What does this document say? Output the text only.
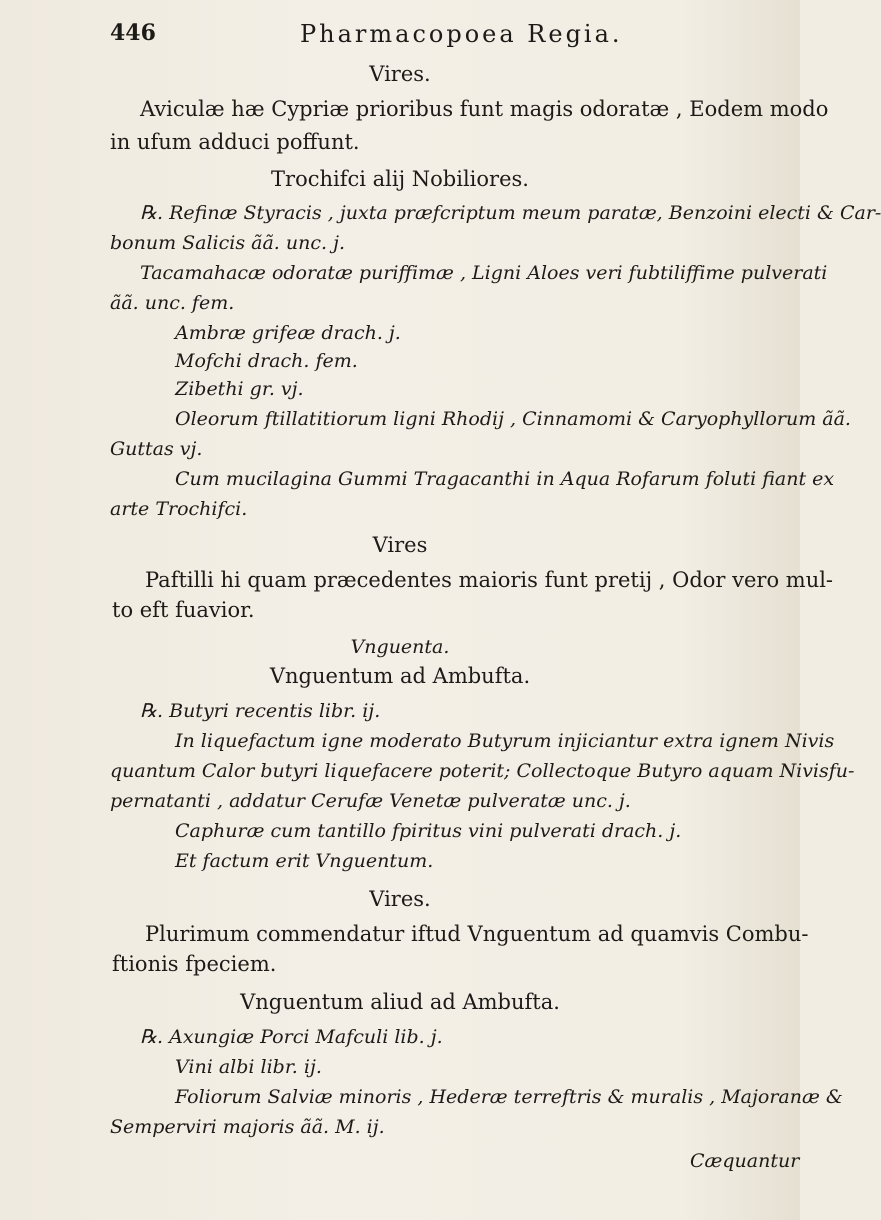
446	Pharmacopoea Regia.
Vires.
Aviculæ hæ Cypriæ prioribus funt magis odoratæ , Eodem modo
in ufum adduci poffunt.
Trochifci alij Nobiliores.
℞. Refinæ Styracis , juxta præfcriptum meum paratæ, Benzoini electi & Car-
bonum Salicis ãã. unc. j.
Tacamahacæ odoratæ puriffimæ , Ligni Aloes veri fubtiliffime pulverati
ãã. unc. fem.
Ambræ grifeæ drach. j.
Mofchi drach. fem.
Zibethi gr. vj.
Oleorum ftillatitiorum ligni Rhodij , Cinnamomi & Caryophyllorum ãã.
Guttas vj.
Cum mucilagina Gummi Tragacanthi in Aqua Rofarum foluti fiant ex
arte Trochifci.
Vires
Paftilli hi quam præcedentes maioris funt pretij , Odor vero mul-
to eft fuavior.
Vnguenta.
Vnguentum ad Ambufta.
℞. Butyri recentis libr. ij.
In liquefactum igne moderato Butyrum injiciantur extra ignem Nivis
quantum Calor butyri liquefacere poterit; Collectoque Butyro aquam Nivisfu-
pernatanti , addatur Cerufæ Venetæ pulveratæ unc. j.
Caphuræ cum tantillo fpiritus vini pulverati drach. j.
Et factum erit Vnguentum.
Vires.
Plurimum commendatur iftud Vnguentum ad quamvis Combu-
ftionis fpeciem.
Vnguentum aliud ad Ambufta.
℞. Axungiæ Porci Mafculi lib. j.
Vini albi libr. ij.
Foliorum Salviæ minoris , Hederæ terreftris & muralis , Majoranæ &
Semperviri majoris ãã. M. ij.
Cæquantur
